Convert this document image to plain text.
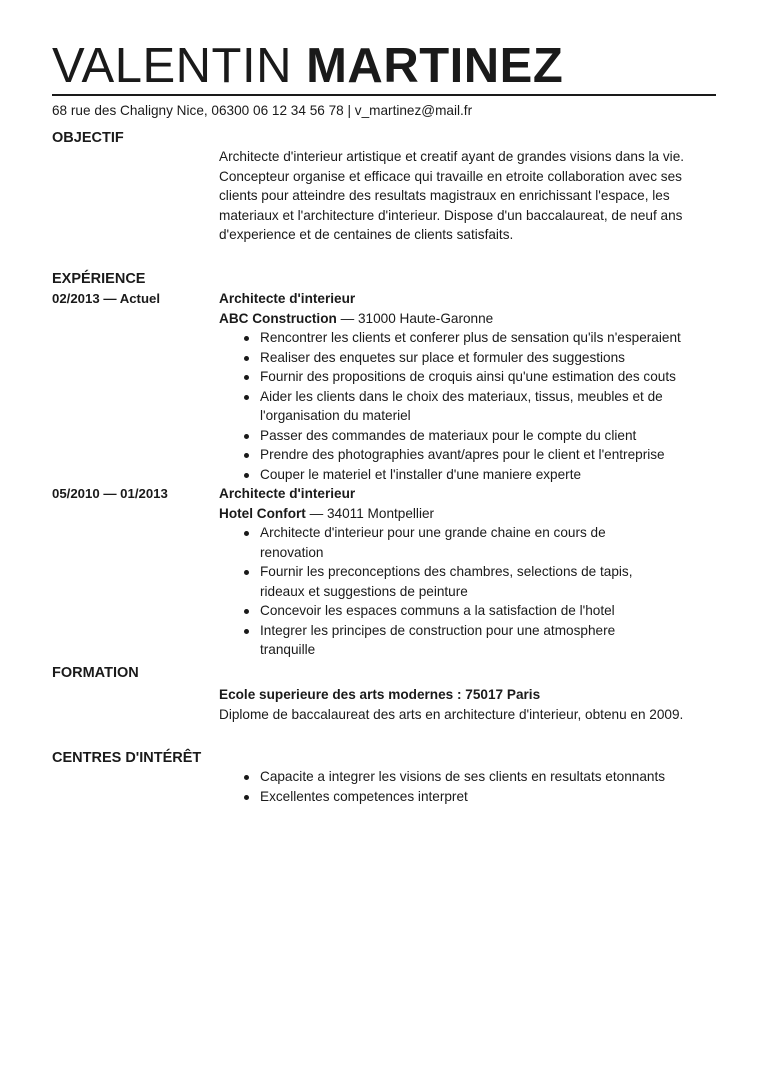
VALENTIN MARTINEZ
68 rue des Chaligny Nice, 06300 06 12 34 56 78 | v_martinez@mail.fr
OBJECTIF

Architecte d'interieur artistique et creatif ayant de grandes visions dans la vie. Concepteur organise et efficace qui travaille en etroite collaboration avec ses clients pour atteindre des resultats magistraux en enrichissant l'espace, les materiaux et l'architecture d'interieur. Dispose d'un baccalaureat, de neuf ans d'experience et de centaines de clients satisfaits.

EXPÉRIENCE
02/2013 — Actuel	Architecte d'interieur
ABC Construction — 31000 Haute-Garonne
Rencontrer les clients et conferer plus de sensation qu'ils n'esperaient
Realiser des enquetes sur place et formuler des suggestions
Fournir des propositions de croquis ainsi qu'une estimation des couts
Aider les clients dans le choix des materiaux, tissus, meubles et de l'organisation du materiel
Passer des commandes de materiaux pour le compte du client
Prendre des photographies avant/apres pour le client et l'entreprise
Couper le materiel et l'installer d'une maniere experte
05/2010 — 01/2013	Architecte d'interieur
Hotel Confort — 34011 Montpellier
Architecte d'interieur pour une grande chaine en cours de renovation
Fournir les preconceptions des chambres, selections de tapis, rideaux et suggestions de peinture
Concevoir les espaces communs a la satisfaction de l'hotel
Integrer les principes de construction pour une atmosphere tranquille
FORMATION
Ecole superieure des arts modernes : 75017 Paris

Diplome de baccalaureat des arts en architecture d'interieur, obtenu en 2009.

CENTRES D'INTÉRÊT
Capacite a integrer les visions de ses clients en resultats etonnants
Excellentes competences interpret
